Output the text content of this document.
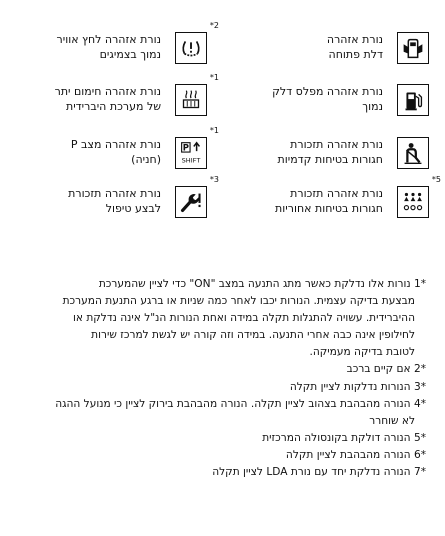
נורת אזהרה
דלת פתוחה
נורת אזהרה לחץ אוויר
נמוך בצמיגים
*2
נורת אזהרה מפלס דלק
נמוך
נורת אזהרה חימום יתר
של מערכת היברידית
*1
נורת אזהרה תזכורת
חגורות בטיחות קדמיות
P
SHIFT
נורת אזהרה מצב P
(חניה)
*1
נורת אזהרה תזכורת
חגורות בטיחות אחוריות
*5
נורת אזהרה תזכורת
לבצע טיפול
*3
*1 נורות אלו נדלקת כאשר מתג התנעה במצב "ON" כדי לציין שהמערכת
מבצעת בדיקה עצמית. הנורות יכבו לאחר כמה שניות או ברגע התנעת המערכת
ההיברידית. עשויה להתגלות תקלה במידה ואחת הנורות הנ"ל אינה נדלקת או
לחילופין אינה כבה אחרי התנעה. במידה וזה קורה יש לגשת למרכז שירות
לטובת בדיקה מעמיקה.
*2 אם קיים ברכב
*3 הנורות נדלקות לציין תקלה
*4 הנורה מהבהבת בצהוב לציין תקלה. הנורה מהבהבת בירוק לציין כי מנועל ההגה
לא שוחרר
*5 הנורה דולקת בקונסולה המרכזית
*6 הנורה מהבהבת לציין תקלה
*7 הנורה נדלקת יחד עם נורת LDA לציין תקלה
